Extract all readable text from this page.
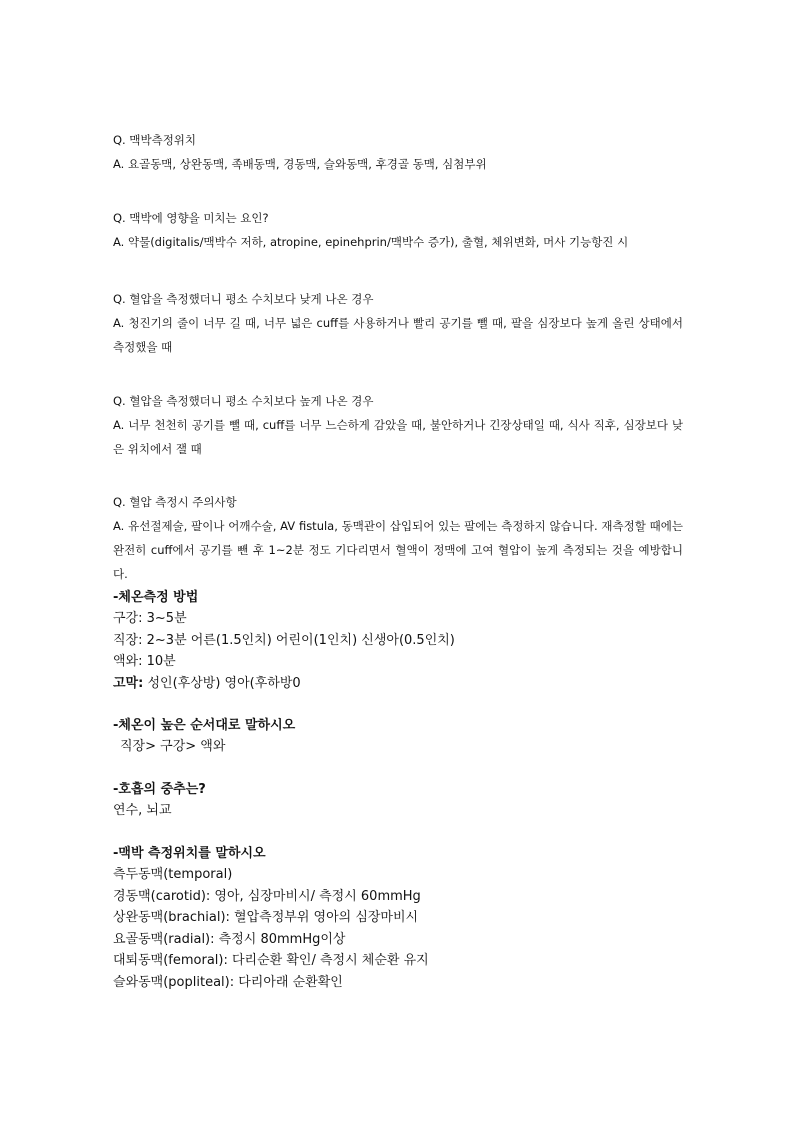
Q. 맥박측정위치

A. 요골동맥, 상완동맥, 족배동맥, 경동맥, 슬와동맥, 후경골 동맥, 심첨부위

Q. 맥박에 영향을 미치는 요인?

A. 약물(digitalis/맥박수 저하, atropine, epinehprin/맥박수 증가), 출혈, 체위변화, 머사 기능항진 시

Q. 혈압을 측정했더니 평소 수치보다 낮게 나온 경우

A. 청진기의 줄이 너무 길 때, 너무 넓은 cuff를 사용하거나 빨리 공기를 뺄 때, 팔을 심장보다 높게 올린 상태에서 측정했을 때

Q. 혈압을 측정했더니 평소 수치보다 높게 나온 경우

A. 너무 천천히 공기를 뺄 때, cuff를 너무 느슨하게 감았을 때, 불안하거나 긴장상태일 때, 식사 직후, 심장보다 낮은 위치에서 잴 때

Q. 혈압 측정시 주의사항

A. 유선절제술, 팔이나 어깨수술, AV fistula, 동맥관이 삽입되어 있는 팔에는 측정하지 않습니다. 재측정할 때에는 완전히 cuff에서 공기를 뺀 후 1~2분 정도 기다리면서 혈액이 정맥에 고여 혈압이 높게 측정되는 것을 예방합니다.

-체온측정 방법

구강: 3~5분

직장: 2~3분 어른(1.5인치) 어린이(1인치) 신생아(0.5인치)

액와: 10분

고막: 성인(후상방) 영아(후하방0

-체온이 높은 순서대로 말하시오

직장> 구강> 액와

-호흡의 중추는?

연수, 뇌교

-맥박 측정위치를 말하시오

측두동맥(temporal)

경동맥(carotid): 영아, 심장마비시/ 측정시 60mmHg

상완동맥(brachial): 혈압측정부위 영아의 심장마비시

요골동맥(radial): 측정시 80mmHg이상

대퇴동맥(femoral): 다리순환 확인/ 측정시 체순환 유지

슬와동맥(popliteal): 다리아래 순환확인
